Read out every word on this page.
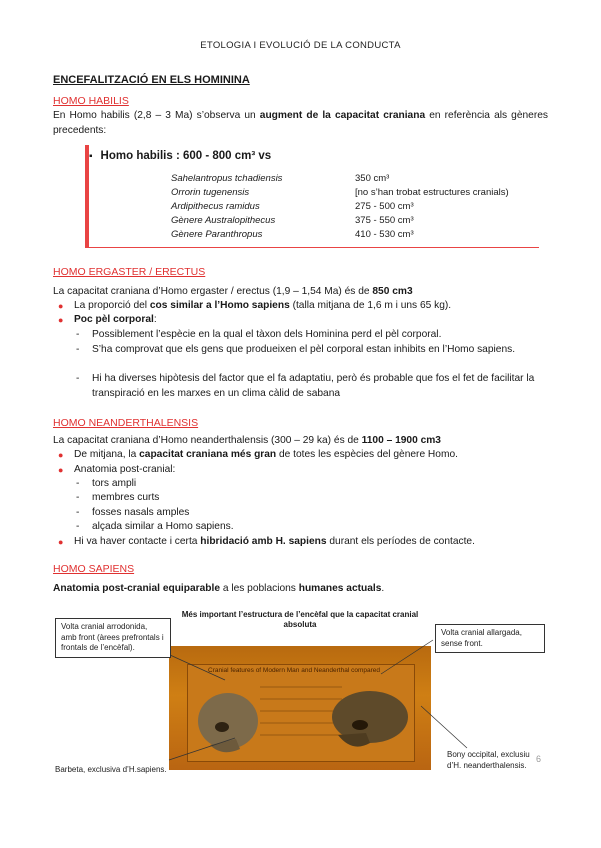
ETOLOGIA I EVOLUCIÓ DE LA CONDUCTA
ENCEFALITZACIÓ EN ELS HOMININA
HOMO HABILIS
En Homo habilis (2,8 – 3 Ma) s’observa un augment de la capacitat craniana en referència als gèneres precedents:
▪ Homo habilis : 600 - 800 cm³ vs
Sahelantropus tchadiensis	350 cm³
Orrorin tugenensis	[no s’han trobat estructures cranials)
Ardipithecus ramidus	275 - 500 cm³
Gènere Australopithecus	375 - 550 cm³
Gènere Paranthropus	410 - 530 cm³
HOMO ERGASTER / ERECTUS
La capacitat craniana d’Homo ergaster / erectus (1,9 – 1,54 Ma) és de 850 cm3
● La proporció del cos similar a l’Homo sapiens (talla mitjana de 1,6 m i uns 65 kg).
● Poc pèl corporal:
- Possiblement l’espècie en la qual el tàxon dels Hominina perd el pèl corporal.
- S’ha comprovat que els gens que produeixen el pèl corporal estan inhibits en l’Homo sapiens.
- Hi ha diverses hipòtesis del factor que el fa adaptatiu, però és probable que fos el fet de facilitar la transpiració en les marxes en un clima càlid de sabana
HOMO NEANDERTHALENSIS
La capacitat craniana d’Homo neanderthalensis (300 – 29 ka) és de 1100 – 1900 cm3
● De mitjana, la capacitat craniana més gran de totes les espècies del gènere Homo.
● Anatomia post-cranial:
- tors ampli
- membres curts
- fosses nasals amples
- alçada similar a Homo sapiens.
● Hi va haver contacte i certa hibridació amb H. sapiens durant els períodes de contacte.
HOMO SAPIENS
Anatomia post-cranial equiparable a les poblacions humanes actuals.
Més important l’estructura de l’encèfal que la capacitat cranial absoluta
Cranial features of Modern Man and Neanderthal compared
Volta cranial arrodonida, amb front (àrees prefrontals i frontals de l’encèfal).
Volta cranial allargada, sense front.
Barbeta, exclusiva d’H.sapiens.
Bony occipital, exclusiu d’H. neanderthalensis.
6
